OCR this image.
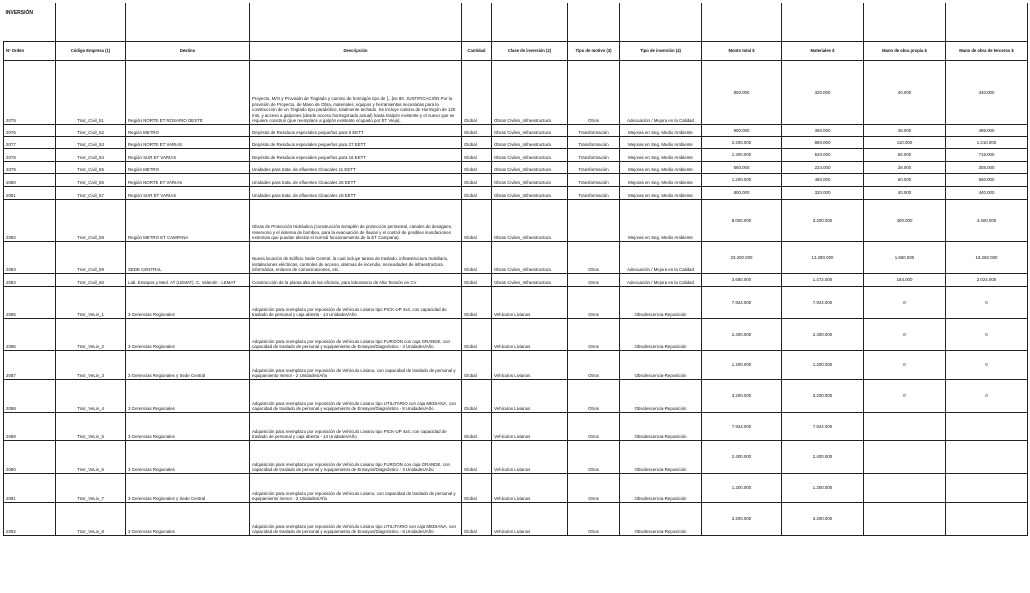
INVERSIÓN											
Nº Orden	Código Empresa (1)	Destino	Descripción	Cantidad	Clase de inversión (2)	Tipo de motivo (3)	Tipo de inversión (4)	Monto total $	Materiales $	Mano de obra propia $	Mano de obra de terceros $
2075	Tnsr_Civil_51	Región NORTE ET ROSARIO OESTE	Proyecto, M/O y Provisión de Tinglado y camino de hormigón tipo de [...]ne 80. JUSTIFICACIÓN Por la provisión de Proyecto, de Mano de Obra, materiales, equipos y herramientas necesarias para la construcción de un Tinglado tipo parabólico, totalmente techado. Se incluye camino de Hormigón de 120 mts. y acceso a galpones (desde acceso hormigonado actual) hasta Galpón existente y el nuevo que se requiere construir (que reemplace a galpón existente ocupado por ET Vieja).	Global	Obras Civiles_Infraestructura	Otros	Adecuación / Mejora en la Calidad	800.000	320.000	40.000	440.000
2076	Tnsr_Civil_52	Región METRO	Depósito de Residuos especiales pequeños para 9 EETT	Global	Obras Civiles_Infraestructura	Transformación	Mejoras en Seg. Medio Ambiente	900.000	360.000	45.000	495.000
2077	Tnsr_Civil_53	Región NORTE ET VARIAS	Depósito de Residuos especiales pequeños para 27 EETT	Global	Obras Civiles_Infraestructura	Transformación	Mejoras en Seg. Medio Ambiente	2.200.000	880.000	110.000	1.210.000
2078	Tnsr_Civil_54	Región SUR ET VARIAS	Depósito de Residuos especiales pequeños para 16 EETT	Global	Obras Civiles_Infraestructura	Transformación	Mejoras en Seg. Medio Ambiente	1.300.000	520.000	65.000	715.000
2079	Tnsr_Civil_55	Región METRO	Unidades para trata. de efluentes Cloacales 11 EETT	Global	Obras Civiles_Infraestructura	Transformación	Mejoras en Seg. Medio Ambiente	560.000	224.000	28.000	308.000
2080	Tnsr_Civil_56	Región NORTE ET VARIAS	Unidades para trata. de efluentes Cloacales 26 EETT	Global	Obras Civiles_Infraestructura	Transformación	Mejoras en Seg. Medio Ambiente	1.200.000	480.000	60.000	660.000
2081	Tnsr_Civil_57	Región SUR ET VARIAS	Unidades para trata. de efluentes Cloacales 18 EETT	Global	Obras Civiles_Infraestructura	Transformación	Mejoras en Seg. Medio Ambiente	800.000	320.000	40.000	440.000
2082	Tnsr_Civil_58	Región METRO ET CAMPANA	Obras de Protección Hidráulica (construcción terraplén de protección perimetral, canales de desagües, reservorio y el sistema de bombeo, para la evacuación de lluvias y el control de posibles inundaciones extremas que puedan afectar el normal funcionamiento de la ET Campana).	Global	Obras Civiles_Infraestructura		Mejoras en Seg. Medio Ambiente	8.000.000	3.200.000	400.000	4.400.000
2083	Tnsr_Civil_59	SEDE CENTRAL	Nueva locación de Edificio Sede Central, la cual incluye tareas de traslado, infraestructura mobiliario, instalaciones eléctricas, controles de acceso, alarmas de incendio, necesidades de infraestructura informática, enlaces de comunicaciones, etc.	Global	Obras Civiles_Infraestructura	Otros	Adecuación / Mejora en la Calidad	33.200.000	13.280.000	1.660.000	18.260.000
2084	Tnsr_Civil_60	Lab. Ensayos y Med. AT (LEMAT). C. Valentín - LEMAT	Construcción de la planta alta de las oficinas, para laboratorio de Alta Tensión en CV	Global	Obras Civiles_Infraestructura	Otros	Adecuación / Mejora en la Calidad	3.680.000	1.472.000	184.000	2.024.000
2085	Tnsr_VeLiv_1	3 Gerencias Regionales	Adquisición para reemplazo por reposición de Vehículo Liviano tipo PICK-UP 4x4, con capacidad de traslado de personal y caja abierta - 14 Unidades/Año	Global	Vehículos Livianos	Otros	Obsolescencia-Reposición	7.924.000	7.924.000	0	0
2086	Tnsr_VeLiv_2	3 Gerencias Regionales	Adquisición para reemplazo por reposición de Vehículo Liviano tipo FURGÓN con caja GRANDE, con capacidad de traslado de personal y equipamiento de Ensayos/Diagnóstico - 3 Unidades/Año	Global	Vehículos Livianos	Otros	Obsolescencia-Reposición	2.400.000	2.400.000	0	0
2087	Tnsr_VeLiv_3	3 Gerencias Regionales y Sede Central	Adquisición para reemplazo por reposición de Vehículo Liviano, con capacidad de traslado de personal y equipamiento menor - 2 Unidades/Año	Global	Vehículos Livianos	Otros	Obsolescencia-Reposición	1.200.000	1.200.000	0	0
2088	Tnsr_VeLiv_4	3 Gerencias Regionales	Adquisición para reemplazo por reposición de Vehículo Liviano tipo UTILITARIO con caja MEDIANA, con capacidad de traslado de personal y equipamiento de Ensayos/Diagnóstico - 8 Unidades/Año	Global	Vehículos Livianos	Otros	Obsolescencia-Reposición	3.200.000	3.200.000	0	0
2089	Tnsr_VeLiv_5	3 Gerencias Regionales	Adquisición para reemplazo por reposición de Vehículo Liviano tipo PICK-UP 4x4, con capacidad de traslado de personal y caja abierta - 14 Unidades/Año	Global	Vehículos Livianos	Otros	Obsolescencia-Reposición	7.924.000	7.924.000		
2090	Tnsr_VeLiv_6	3 Gerencias Regionales	Adquisición para reemplazo por reposición de Vehículo Liviano tipo FURGÓN con caja GRANDE, con capacidad de traslado de personal y equipamiento de Ensayos/Diagnóstico - 3 Unidades/Año	Global	Vehículos Livianos	Otros	Obsolescencia-Reposición	2.400.000	2.400.000		
2091	Tnsr_VeLiv_7	3 Gerencias Regionales y Sede Central	Adquisición para reemplazo por reposición de Vehículo Liviano, con capacidad de traslado de personal y equipamiento menor - 2 Unidades/Año	Global	Vehículos Livianos	Otros	Obsolescencia-Reposición	1.200.000	1.200.000		
2092	Tnsr_VeLiv_8	3 Gerencias Regionales	Adquisición para reemplazo por reposición de Vehículo Liviano tipo UTILITARIO con caja MEDIANA, con capacidad de traslado de personal y equipamiento de Ensayos/Diagnóstico - 8 Unidades/Año	Global	Vehículos Livianos	Otros	Obsolescencia-Reposición	3.200.000	3.200.000		
